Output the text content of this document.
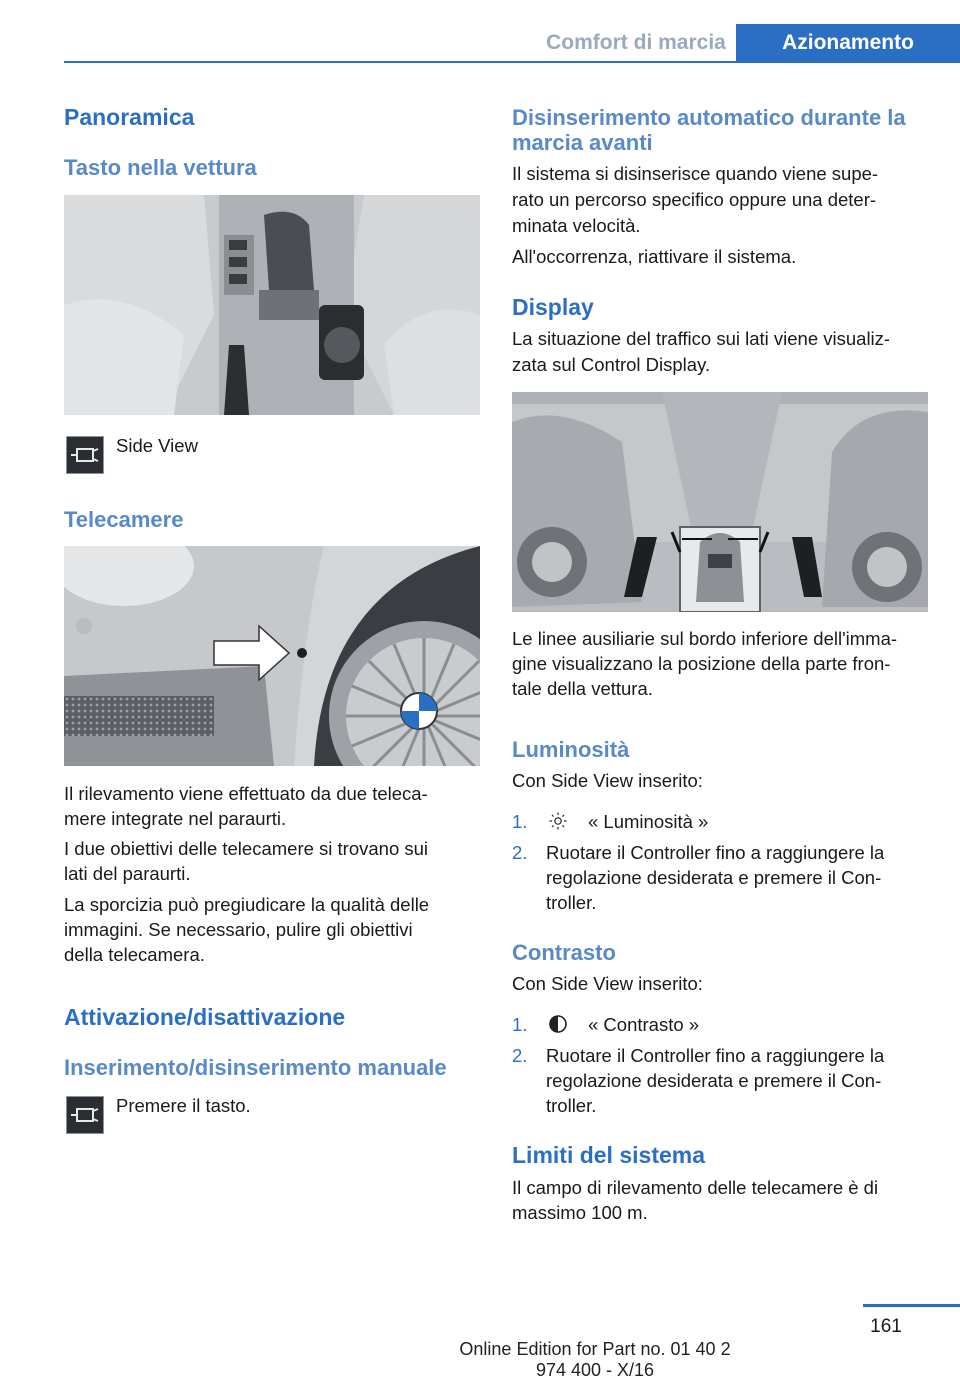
Comfort di marcia	Azionamento
Panoramica
Tasto nella vettura

Side View

Telecamere

Il rilevamento viene effettuato da due teleca-

mere integrate nel paraurti.

I due obiettivi delle telecamere si trovano sui

lati del paraurti.

La sporcizia può pregiudicare la qualità delle

immagini. Se necessario, pulire gli obiettivi

della telecamera.

Attivazione/disattivazione
Inserimento/disinserimento manuale

Premere il tasto.

Disinserimento automatico durante la
marcia avanti

Il sistema si disinserisce quando viene supe-

rato un percorso specifico oppure una deter-

minata velocità.

All'occorrenza, riattivare il sistema.

Display

La situazione del traffico sui lati viene visualiz-

zata sul Control Display.

Le linee ausiliarie sul bordo inferiore dell'imma-

gine visualizzano la posizione della parte fron-

tale della vettura.

Luminosità

Con Side View inserito:

1.	« Luminosità »
2. Ruotare il Controller fino a raggiungere la
regolazione desiderata e premere il Con-
troller.
Contrasto

Con Side View inserito:

1.	« Contrasto »
2. Ruotare il Controller fino a raggiungere la
regolazione desiderata e premere il Con-
troller.
Limiti del sistema

Il campo di rilevamento delle telecamere è di

massimo 100 m.

161
Online Edition for Part no. 01 40 2 974 400 - X/16
